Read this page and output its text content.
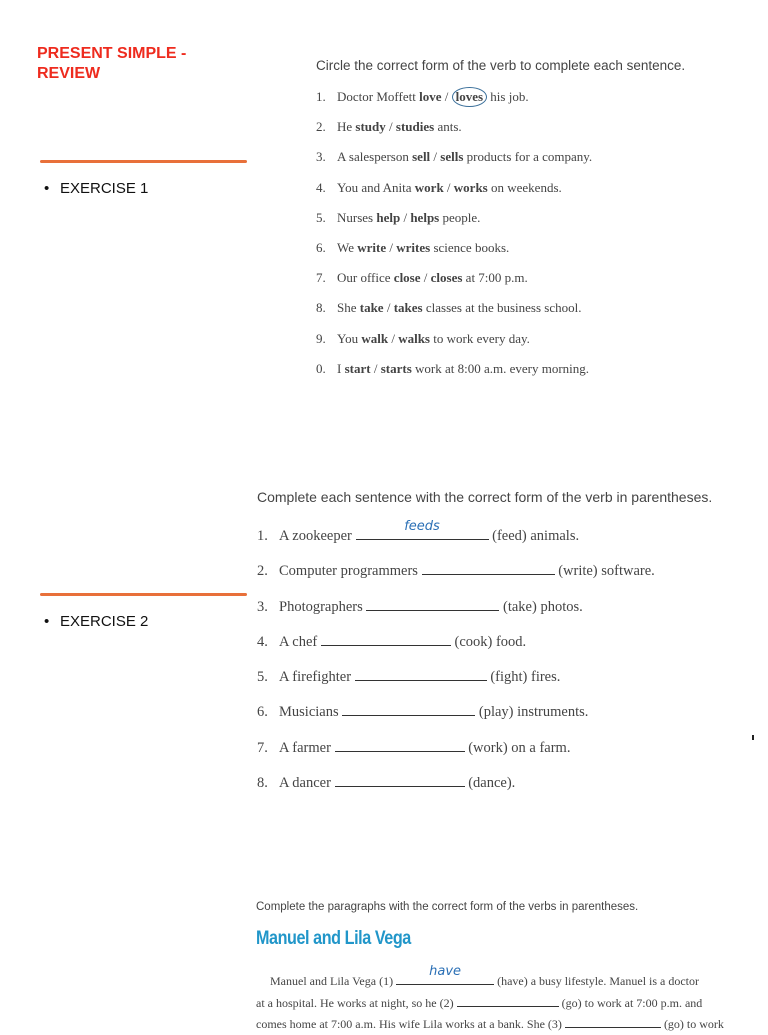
PRESENT SIMPLE -
REVIEW
• EXERCISE 1
• EXERCISE 2
Circle the correct form of the verb to complete each sentence.
1. Doctor Moffett love / loves his job.
2. He study / studies ants.
3. A salesperson sell / sells products for a company.
4. You and Anita work / works on weekends.
5. Nurses help / helps people.
6. We write / writes science books.
7. Our office close / closes at 7:00 p.m.
8. She take / takes classes at the business school.
9. You walk / walks to work every day.
0. I start / starts work at 8:00 a.m. every morning.
Complete each sentence with the correct form of the verb in parentheses.
1. A zookeeper
feeds
(feed) animals.
2. Computer programmers	(write) software.
3. Photographers	(take) photos.
4. A chef	(cook) food.
5. A firefighter	(fight) fires.
6. Musicians	(play) instruments.
7. A farmer	(work) on a farm.
8. A dancer	(dance).
Complete the paragraphs with the correct form of the verbs in parentheses.
Manuel and Lila Vega
Manuel and Lila Vega (1)
have
(have) a busy lifestyle. Manuel is a doctor
at a hospital. He works at night, so he (2)	(go) to work at 7:00 p.m. and
comes home at 7:00 a.m. His wife Lila works at a bank. She (3)	(go) to work
